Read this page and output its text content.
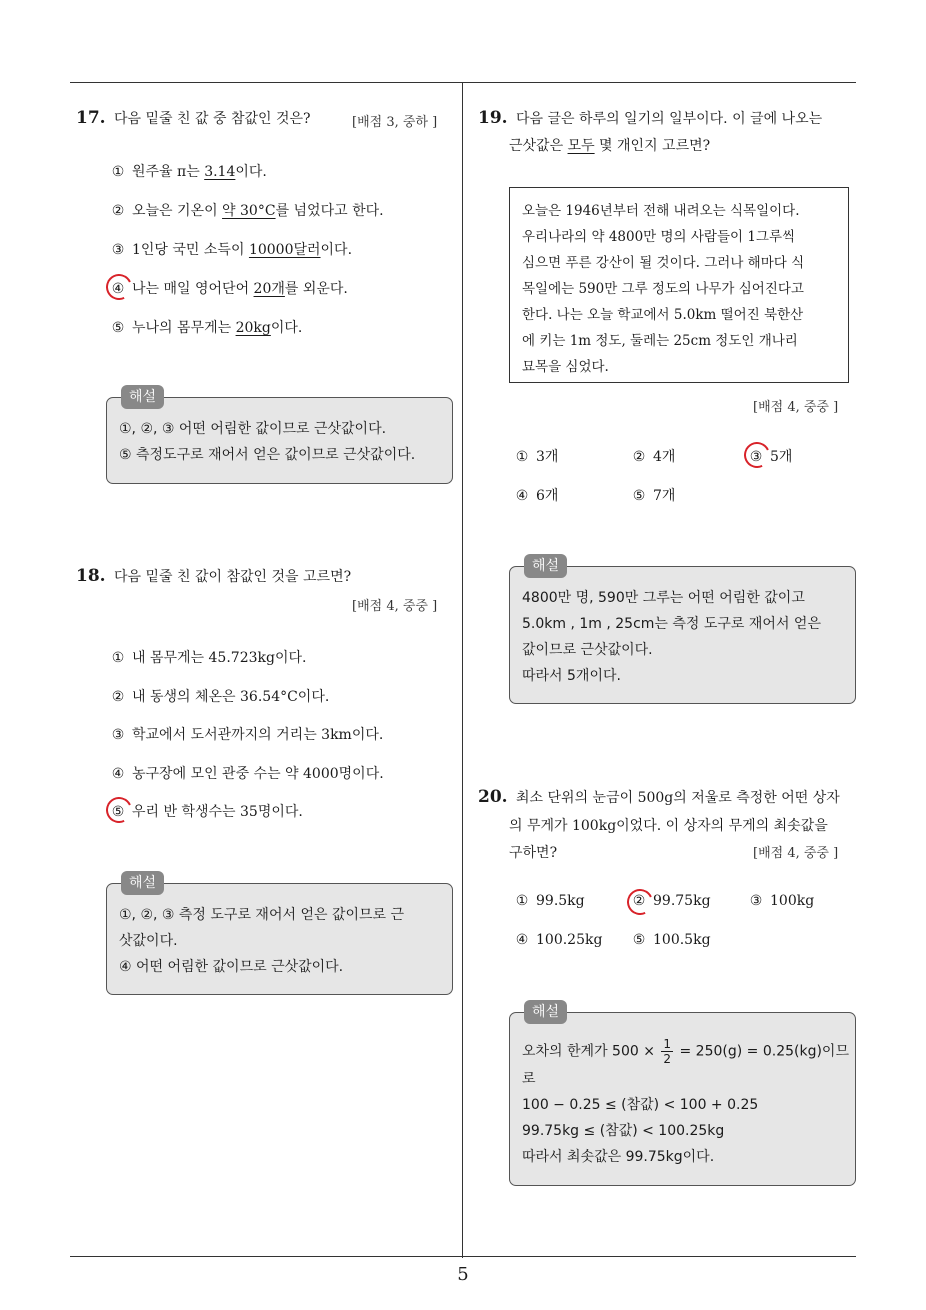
5
17. 다음 밑줄 친 값 중 참값인 것은?	[배점 3, 중하 ]
① 원주율 π는 3.14이다.
② 오늘은 기온이 약 30°C를 넘었다고 한다.
③ 1인당 국민 소득이 10000달러이다.
④ 나는 매일 영어단어 20개를 외운다.
⑤ 누나의 몸무게는 20kg이다.
해설
①, ②, ③ 어떤 어림한 값이므로 근삿값이다.
⑤ 측정도구로 재어서 얻은 값이므로 근삿값이다.
18. 다음 밑줄 친 값이 참값인 것을 고르면?
[배점 4, 중중 ]
① 내 몸무게는 45.723kg이다.
② 내 동생의 체온은 36.54°C이다.
③ 학교에서 도서관까지의 거리는 3km이다.
④ 농구장에 모인 관중 수는 약 4000명이다.
⑤ 우리 반 학생수는 35명이다.
해설
①, ②, ③ 측정 도구로 재어서 얻은 값이므로 근
삿값이다.
④ 어떤 어림한 값이므로 근삿값이다.
19. 다음 글은 하루의 일기의 일부이다. 이 글에 나오는
근삿값은 모두 몇 개인지 고르면?
오늘은 1946년부터 전해 내려오는 식목일이다.
우리나라의 약 4800만 명의 사람들이 1그루씩
심으면 푸른 강산이 될 것이다. 그러나 해마다 식
목일에는 590만 그루 정도의 나무가 심어진다고
한다. 나는 오늘 학교에서 5.0km 떨어진 북한산
에 키는 1m 정도, 둘레는 25cm 정도인 개나리
묘목을 심었다.
[배점 4, 중중 ]
① 3개	② 4개	③ 5개
④ 6개	⑤ 7개
해설
4800만 명, 590만 그루는 어떤 어림한 값이고
5.0km , 1m , 25cm는 측정 도구로 재어서 얻은
값이므로 근삿값이다.
따라서 5개이다.
20. 최소 단위의 눈금이 500g의 저울로 측정한 어떤 상자
의 무게가 100kg이었다. 이 상자의 무게의 최솟값을
구하면?	[배점 4, 중중 ]
① 99.5kg	② 99.75kg	③ 100kg
④ 100.25kg ⑤ 100.5kg
해설
오차의 한계가 $500 \times \frac{1}{2} = 250(g) = 0.25(kg)$이므
로
100 − 0.25 ≤ (참값) < 100 + 0.25
99.75kg ≤ (참값) < 100.25kg
따라서 최솟값은 99.75kg이다.
